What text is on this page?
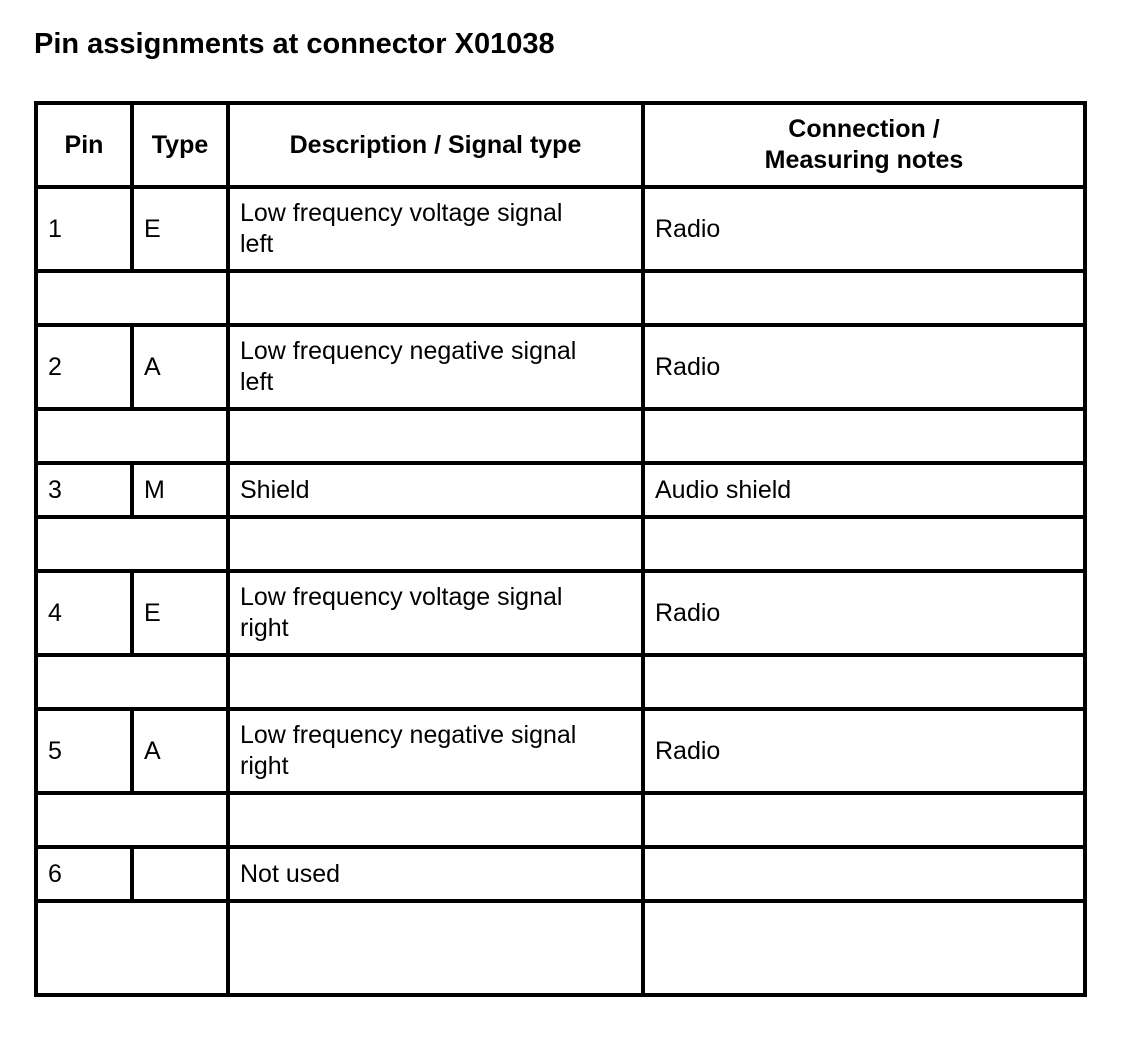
Pin assignments at connector X01038
Pin	Type	Description / Signal type	Connection /
Measuring notes

1	E	Low frequency voltage signal
left	Radio

2	A	Low frequency negative signal
left	Radio

3	M	Shield	Audio shield

4	E	Low frequency voltage signal
right	Radio

5	A	Low frequency negative signal
right	Radio

6		Not used	
